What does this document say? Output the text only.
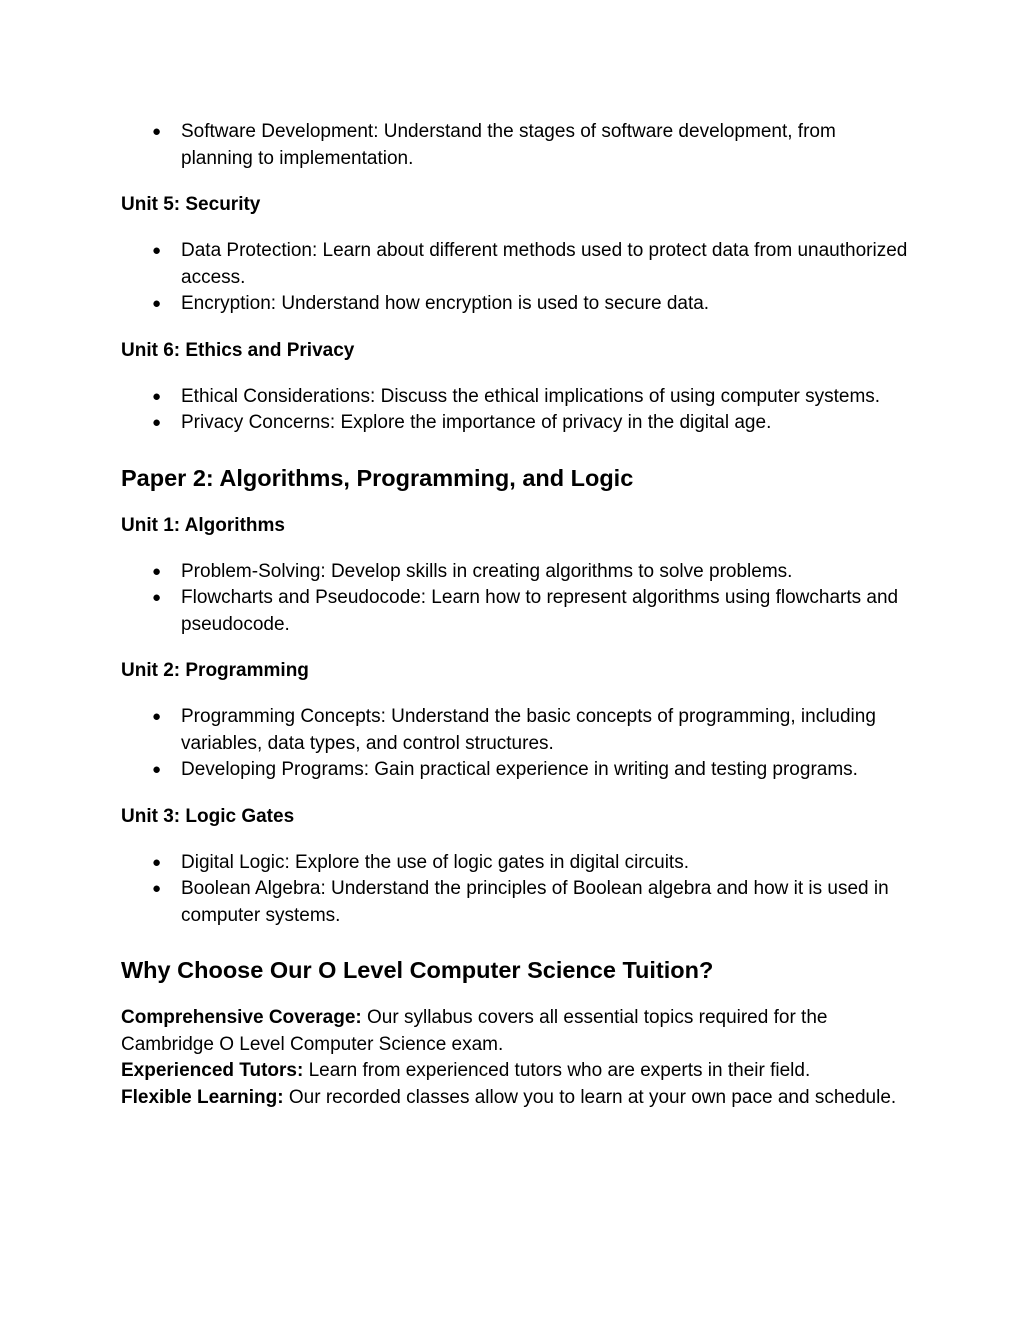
● Software Development: Understand the stages of software development, from planning to implementation.

Unit 5: Security

● Data Protection: Learn about different methods used to protect data from unauthorized access.
● Encryption: Understand how encryption is used to secure data.

Unit 6: Ethics and Privacy

● Ethical Considerations: Discuss the ethical implications of using computer systems.
● Privacy Concerns: Explore the importance of privacy in the digital age.

Paper 2: Algorithms, Programming, and Logic

Unit 1: Algorithms

● Problem-Solving: Develop skills in creating algorithms to solve problems.
● Flowcharts and Pseudocode: Learn how to represent algorithms using flowcharts and pseudocode.

Unit 2: Programming

● Programming Concepts: Understand the basic concepts of programming, including variables, data types, and control structures.
● Developing Programs: Gain practical experience in writing and testing programs.

Unit 3: Logic Gates

● Digital Logic: Explore the use of logic gates in digital circuits.
● Boolean Algebra: Understand the principles of Boolean algebra and how it is used in computer systems.

Why Choose Our O Level Computer Science Tuition?

Comprehensive Coverage: Our syllabus covers all essential topics required for the Cambridge O Level Computer Science exam.

Experienced Tutors: Learn from experienced tutors who are experts in their field.

Flexible Learning: Our recorded classes allow you to learn at your own pace and schedule.
